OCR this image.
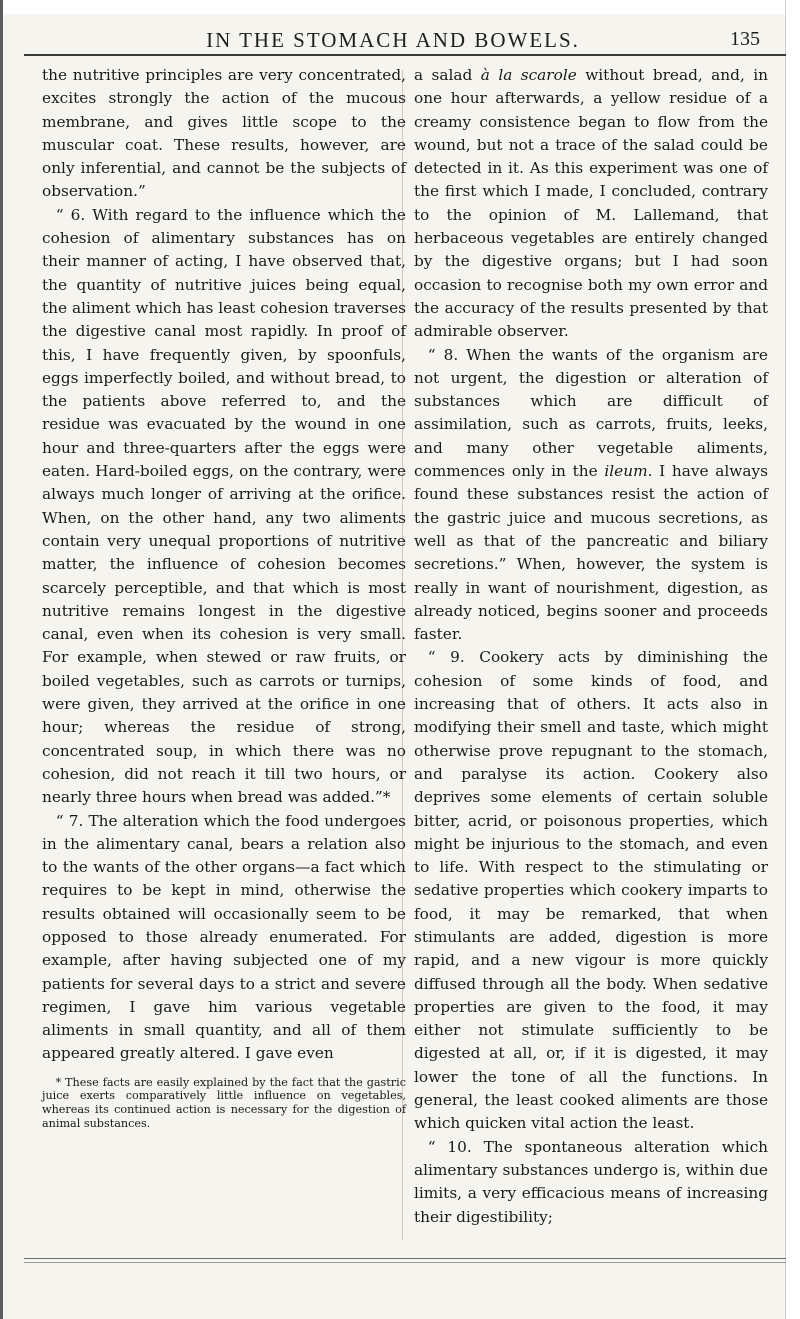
IN THE STOMACH AND BOWELS.	135

the nutritive principles are very concentrated, excites strongly the action of the mucous membrane, and gives little scope to the muscular coat. These results, however, are only inferential, and cannot be the subjects of observation.”

“ 6. With regard to the influence which the cohesion of alimentary substances has on their manner of acting, I have observed that, the quantity of nutritive juices being equal, the aliment which has least cohesion traverses the digestive canal most rapidly. In proof of this, I have frequently given, by spoonfuls, eggs imperfectly boiled, and without bread, to the patients above referred to, and the residue was evacuated by the wound in one hour and three-quarters after the eggs were eaten. Hard-boiled eggs, on the contrary, were always much longer of arriving at the orifice. When, on the other hand, any two aliments contain very unequal proportions of nutritive matter, the influence of cohesion becomes scarcely perceptible, and that which is most nutritive remains longest in the digestive canal, even when its cohesion is very small. For example, when stewed or raw fruits, or boiled vegetables, such as carrots or turnips, were given, they arrived at the orifice in one hour; whereas the residue of strong, concentrated soup, in which there was no cohesion, did not reach it till two hours, or nearly three hours when bread was added.”*

“ 7. The alteration which the food undergoes in the alimentary canal, bears a relation also to the wants of the other organs—a fact which requires to be kept in mind, otherwise the results obtained will occasionally seem to be opposed to those already enumerated. For example, after having subjected one of my patients for several days to a strict and severe regimen, I gave him various vegetable aliments in small quantity, and all of them appeared greatly altered. I gave even

* These facts are easily explained by the fact that the gastric juice exerts comparatively little influence on vegetables, whereas its continued action is necessary for the digestion of animal substances.

a salad à la scarole without bread, and, in one hour afterwards, a yellow residue of a creamy consistence began to flow from the wound, but not a trace of the salad could be detected in it. As this experiment was one of the first which I made, I concluded, contrary to the opinion of M. Lallemand, that herbaceous vegetables are entirely changed by the digestive organs; but I had soon occasion to recognise both my own error and the accuracy of the results presented by that admirable observer.

“ 8. When the wants of the organism are not urgent, the digestion or alteration of substances which are difficult of assimilation, such as carrots, fruits, leeks, and many other vegetable aliments, commences only in the ileum. I have always found these substances resist the action of the gastric juice and mucous secretions, as well as that of the pancreatic and biliary secretions.” When, however, the system is really in want of nourishment, digestion, as already noticed, begins sooner and proceeds faster.

“ 9. Cookery acts by diminishing the cohesion of some kinds of food, and increasing that of others. It acts also in modifying their smell and taste, which might otherwise prove repugnant to the stomach, and paralyse its action. Cookery also deprives some elements of certain soluble bitter, acrid, or poisonous properties, which might be injurious to the stomach, and even to life. With respect to the stimulating or sedative properties which cookery imparts to food, it may be remarked, that when stimulants are added, digestion is more rapid, and a new vigour is more quickly diffused through all the body. When sedative properties are given to the food, it may either not stimulate sufficiently to be digested at all, or, if it is digested, it may lower the tone of all the functions. In general, the least cooked aliments are those which quicken vital action the least.

“ 10. The spontaneous alteration which alimentary substances undergo is, within due limits, a very efficacious means of increasing their digestibility;
